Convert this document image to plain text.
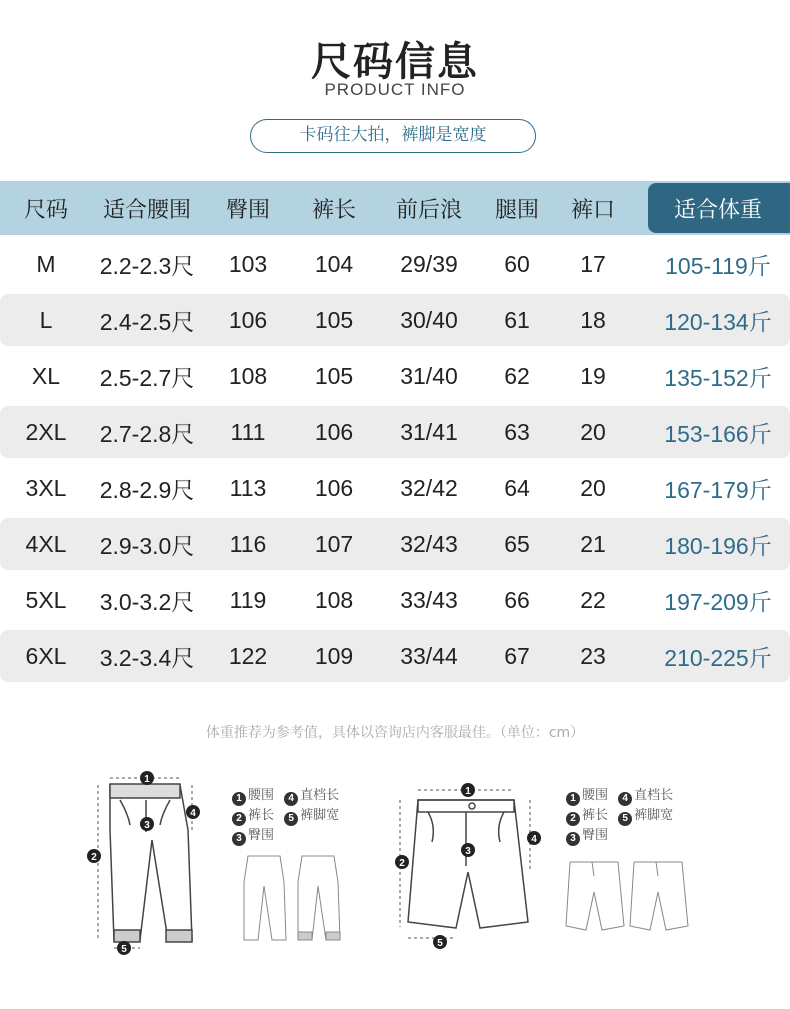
尺码信息
PRODUCT INFO
卡码往大拍，裤脚是宽度
尺码	适合腰围	臀围	裤长	前后浪	腿围	裤口	适合体重
M	2.2-2.3尺	103	104	29/39	60	17	105-119斤
L	2.4-2.5尺	106	105	30/40	61	18	120-134斤
XL	2.5-2.7尺	108	105	31/40	62	19	135-152斤
2XL	2.7-2.8尺	111	106	31/41	63	20	153-166斤
3XL	2.8-2.9尺	113	106	32/42	64	20	167-179斤
4XL	2.9-3.0尺	116	107	32/43	65	21	180-196斤
5XL	3.0-3.2尺	119	108	33/43	66	22	197-209斤
6XL	3.2-3.4尺	122	109	33/44	67	23	210-225斤
体重推荐为参考值，具体以咨询店内客服最佳。（单位：cm）
1
2
3
4
5
1 腰围 4 直档长
2 裤长 5 裤脚宽
3 臀围
1
2
3
4
5
1 腰围 4 直档长
2 裤长 5 裤脚宽
3 臀围
